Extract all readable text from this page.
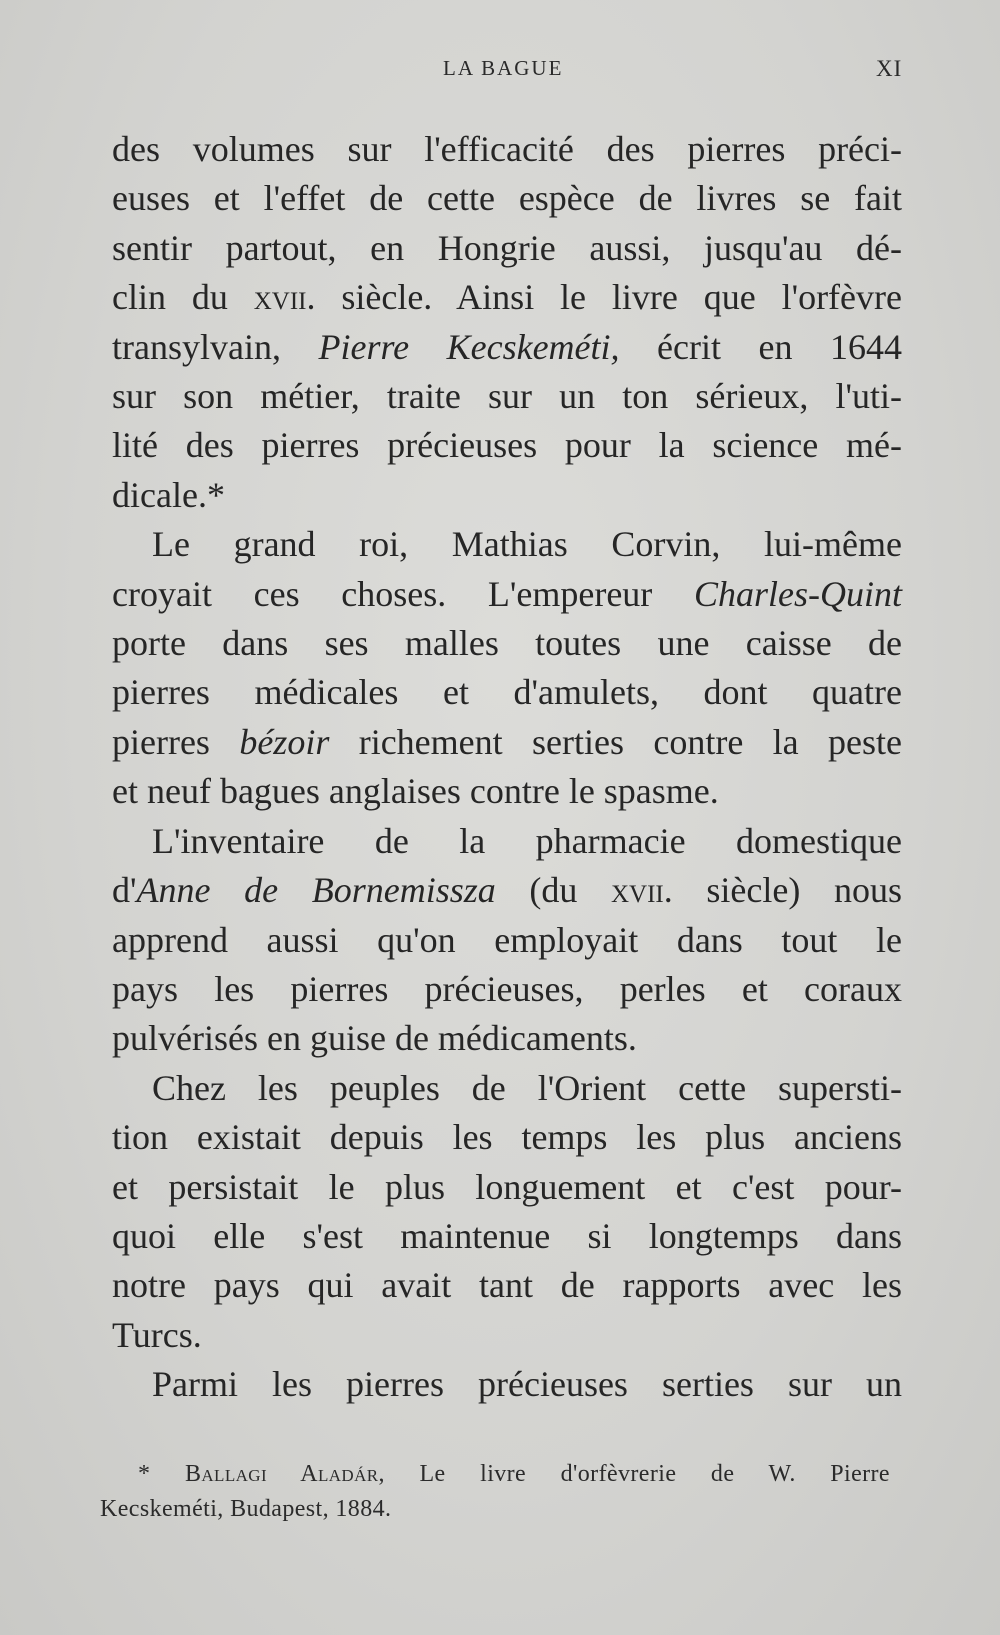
LA BAGUE	XI

des volumes sur l'efficacité des pierres préci-
euses et l'effet de cette espèce de livres se fait
sentir partout, en Hongrie aussi, jusqu'au dé-
clin du xvii. siècle. Ainsi le livre que l'orfèvre
transylvain, Pierre Kecskeméti, écrit en 1644
sur son métier, traite sur un ton sérieux, l'uti-
lité des pierres précieuses pour la science mé-
dicale.*

Le grand roi, Mathias Corvin, lui-même
croyait ces choses. L'empereur Charles-Quint
porte dans ses malles toutes une caisse de
pierres médicales et d'amulets, dont quatre
pierres bézoir richement serties contre la peste
et neuf bagues anglaises contre le spasme.

L'inventaire de la pharmacie domestique
d'Anne de Bornemissza (du xvii. siècle) nous
apprend aussi qu'on employait dans tout le
pays les pierres précieuses, perles et coraux
pulvérisés en guise de médicaments.

Chez les peuples de l'Orient cette supersti-
tion existait depuis les temps les plus anciens
et persistait le plus longuement et c'est pour-
quoi elle s'est maintenue si longtemps dans
notre pays qui avait tant de rapports avec les
Turcs.

Parmi les pierres précieuses serties sur un

* Ballagi Aladár, Le livre d'orfèvrerie de W. Pierre
Kecskeméti, Budapest, 1884.
